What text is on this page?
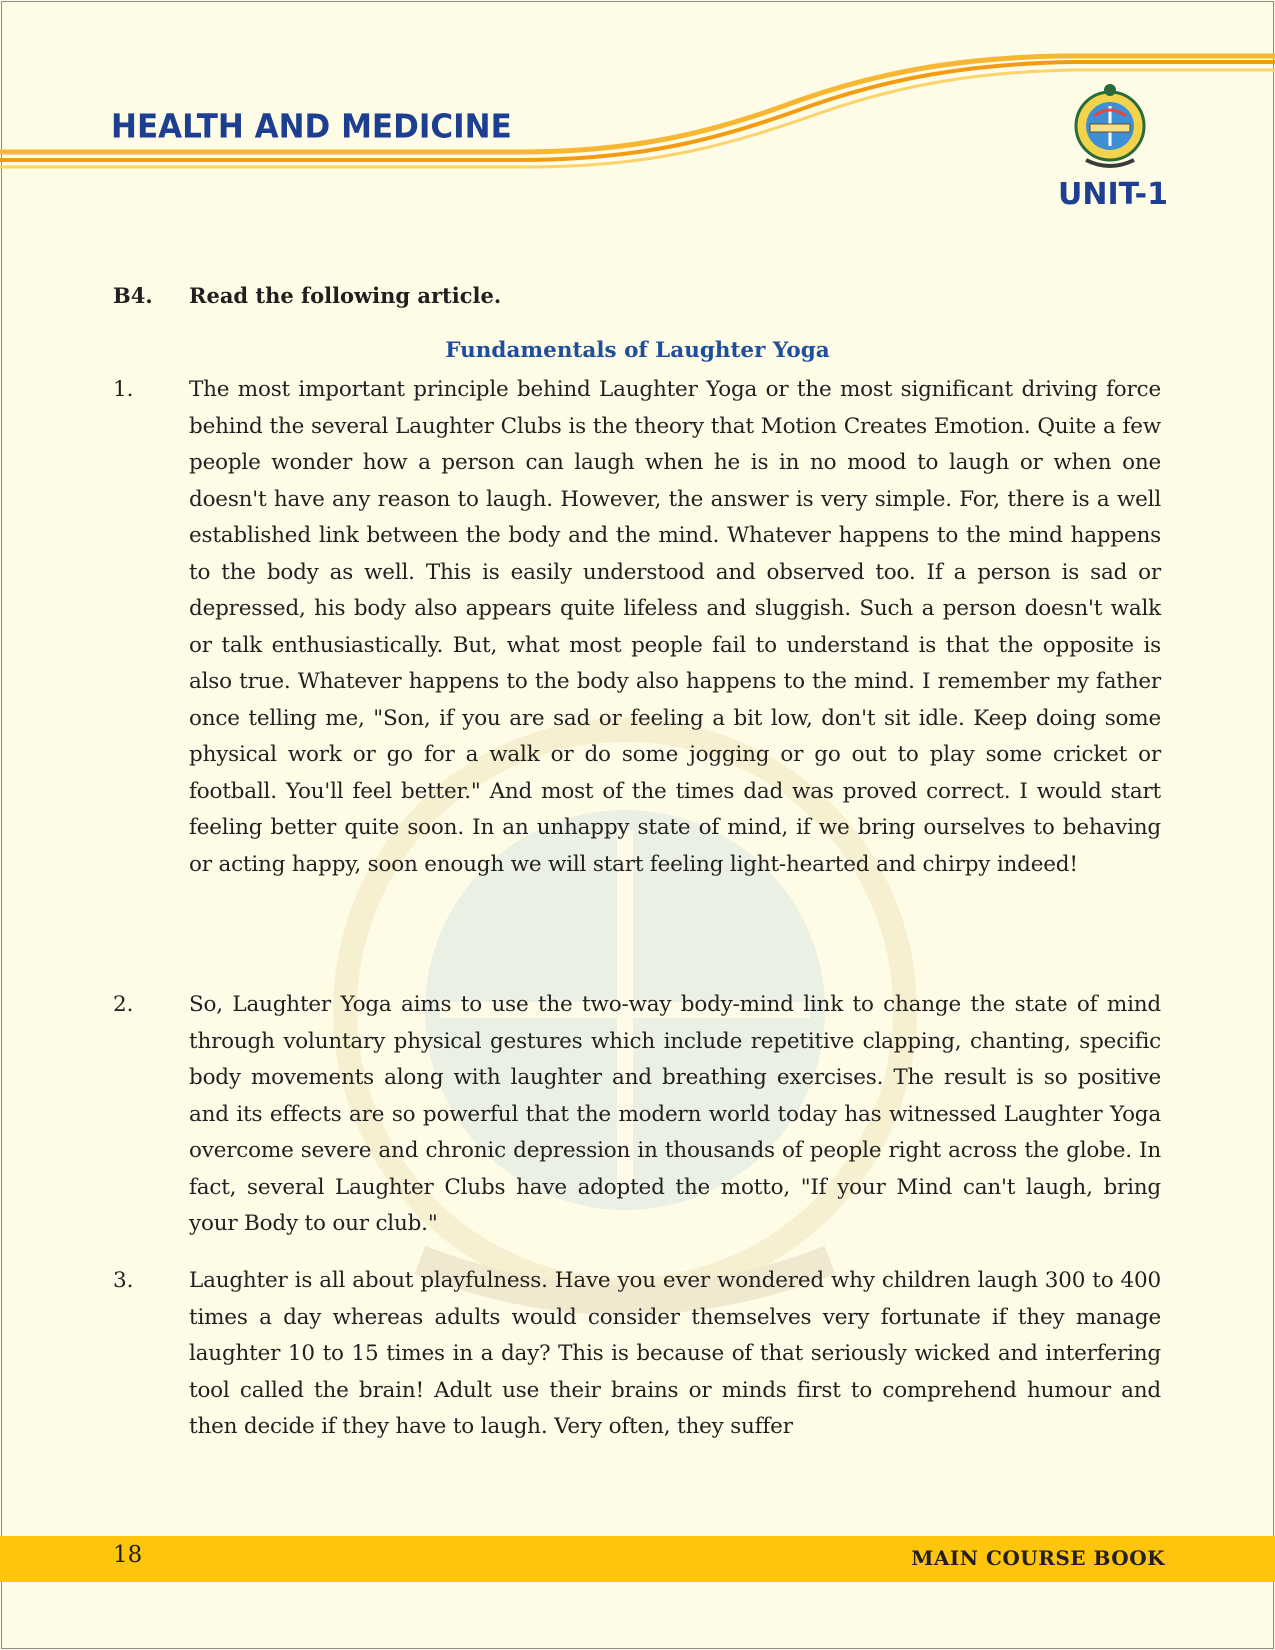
HEALTH AND MEDICINE
UNIT-1
B4. Read the following article.
Fundamentals of Laughter Yoga
1.	The most important principle behind Laughter Yoga or the most significant driving force behind the several Laughter Clubs is the theory that Motion Creates Emotion. Quite a few people wonder how a person can laugh when he is in no mood to laugh or when one doesn't have any reason to laugh. However, the answer is very simple. For, there is a well established link between the body and the mind. Whatever happens to the mind happens to the body as well. This is easily understood and observed too. If a person is sad or depressed, his body also appears quite lifeless and sluggish. Such a person doesn't walk or talk enthusiastically. But, what most people fail to understand is that the opposite is also true. Whatever happens to the body also happens to the mind. I remember my father once telling me, "Son, if you are sad or feeling a bit low, don't sit idle. Keep doing some physical work or go for a walk or do some jogging or go out to play some cricket or football. You'll feel better." And most of the times dad was proved correct. I would start feeling better quite soon. In an unhappy state of mind, if we bring ourselves to behaving or acting happy, soon enough we will start feeling light-hearted and chirpy indeed!

2.	So, Laughter Yoga aims to use the two-way body-mind link to change the state of mind through voluntary physical gestures which include repetitive clapping, chanting, specific body movements along with laughter and breathing exercises. The result is so positive and its effects are so powerful that the modern world today has witnessed Laughter Yoga overcome severe and chronic depression in thousands of people right across the globe. In fact, several Laughter Clubs have adopted the motto, "If your Mind can't laugh, bring your Body to our club."

3.	Laughter is all about playfulness. Have you ever wondered why children laugh 300 to 400 times a day whereas adults would consider themselves very fortunate if they manage laughter 10 to 15 times in a day? This is because of that seriously wicked and interfering tool called the brain! Adult use their brains or minds first to comprehend humour and then decide if they have to laugh. Very often, they suffer

18	MAIN COURSE BOOK
